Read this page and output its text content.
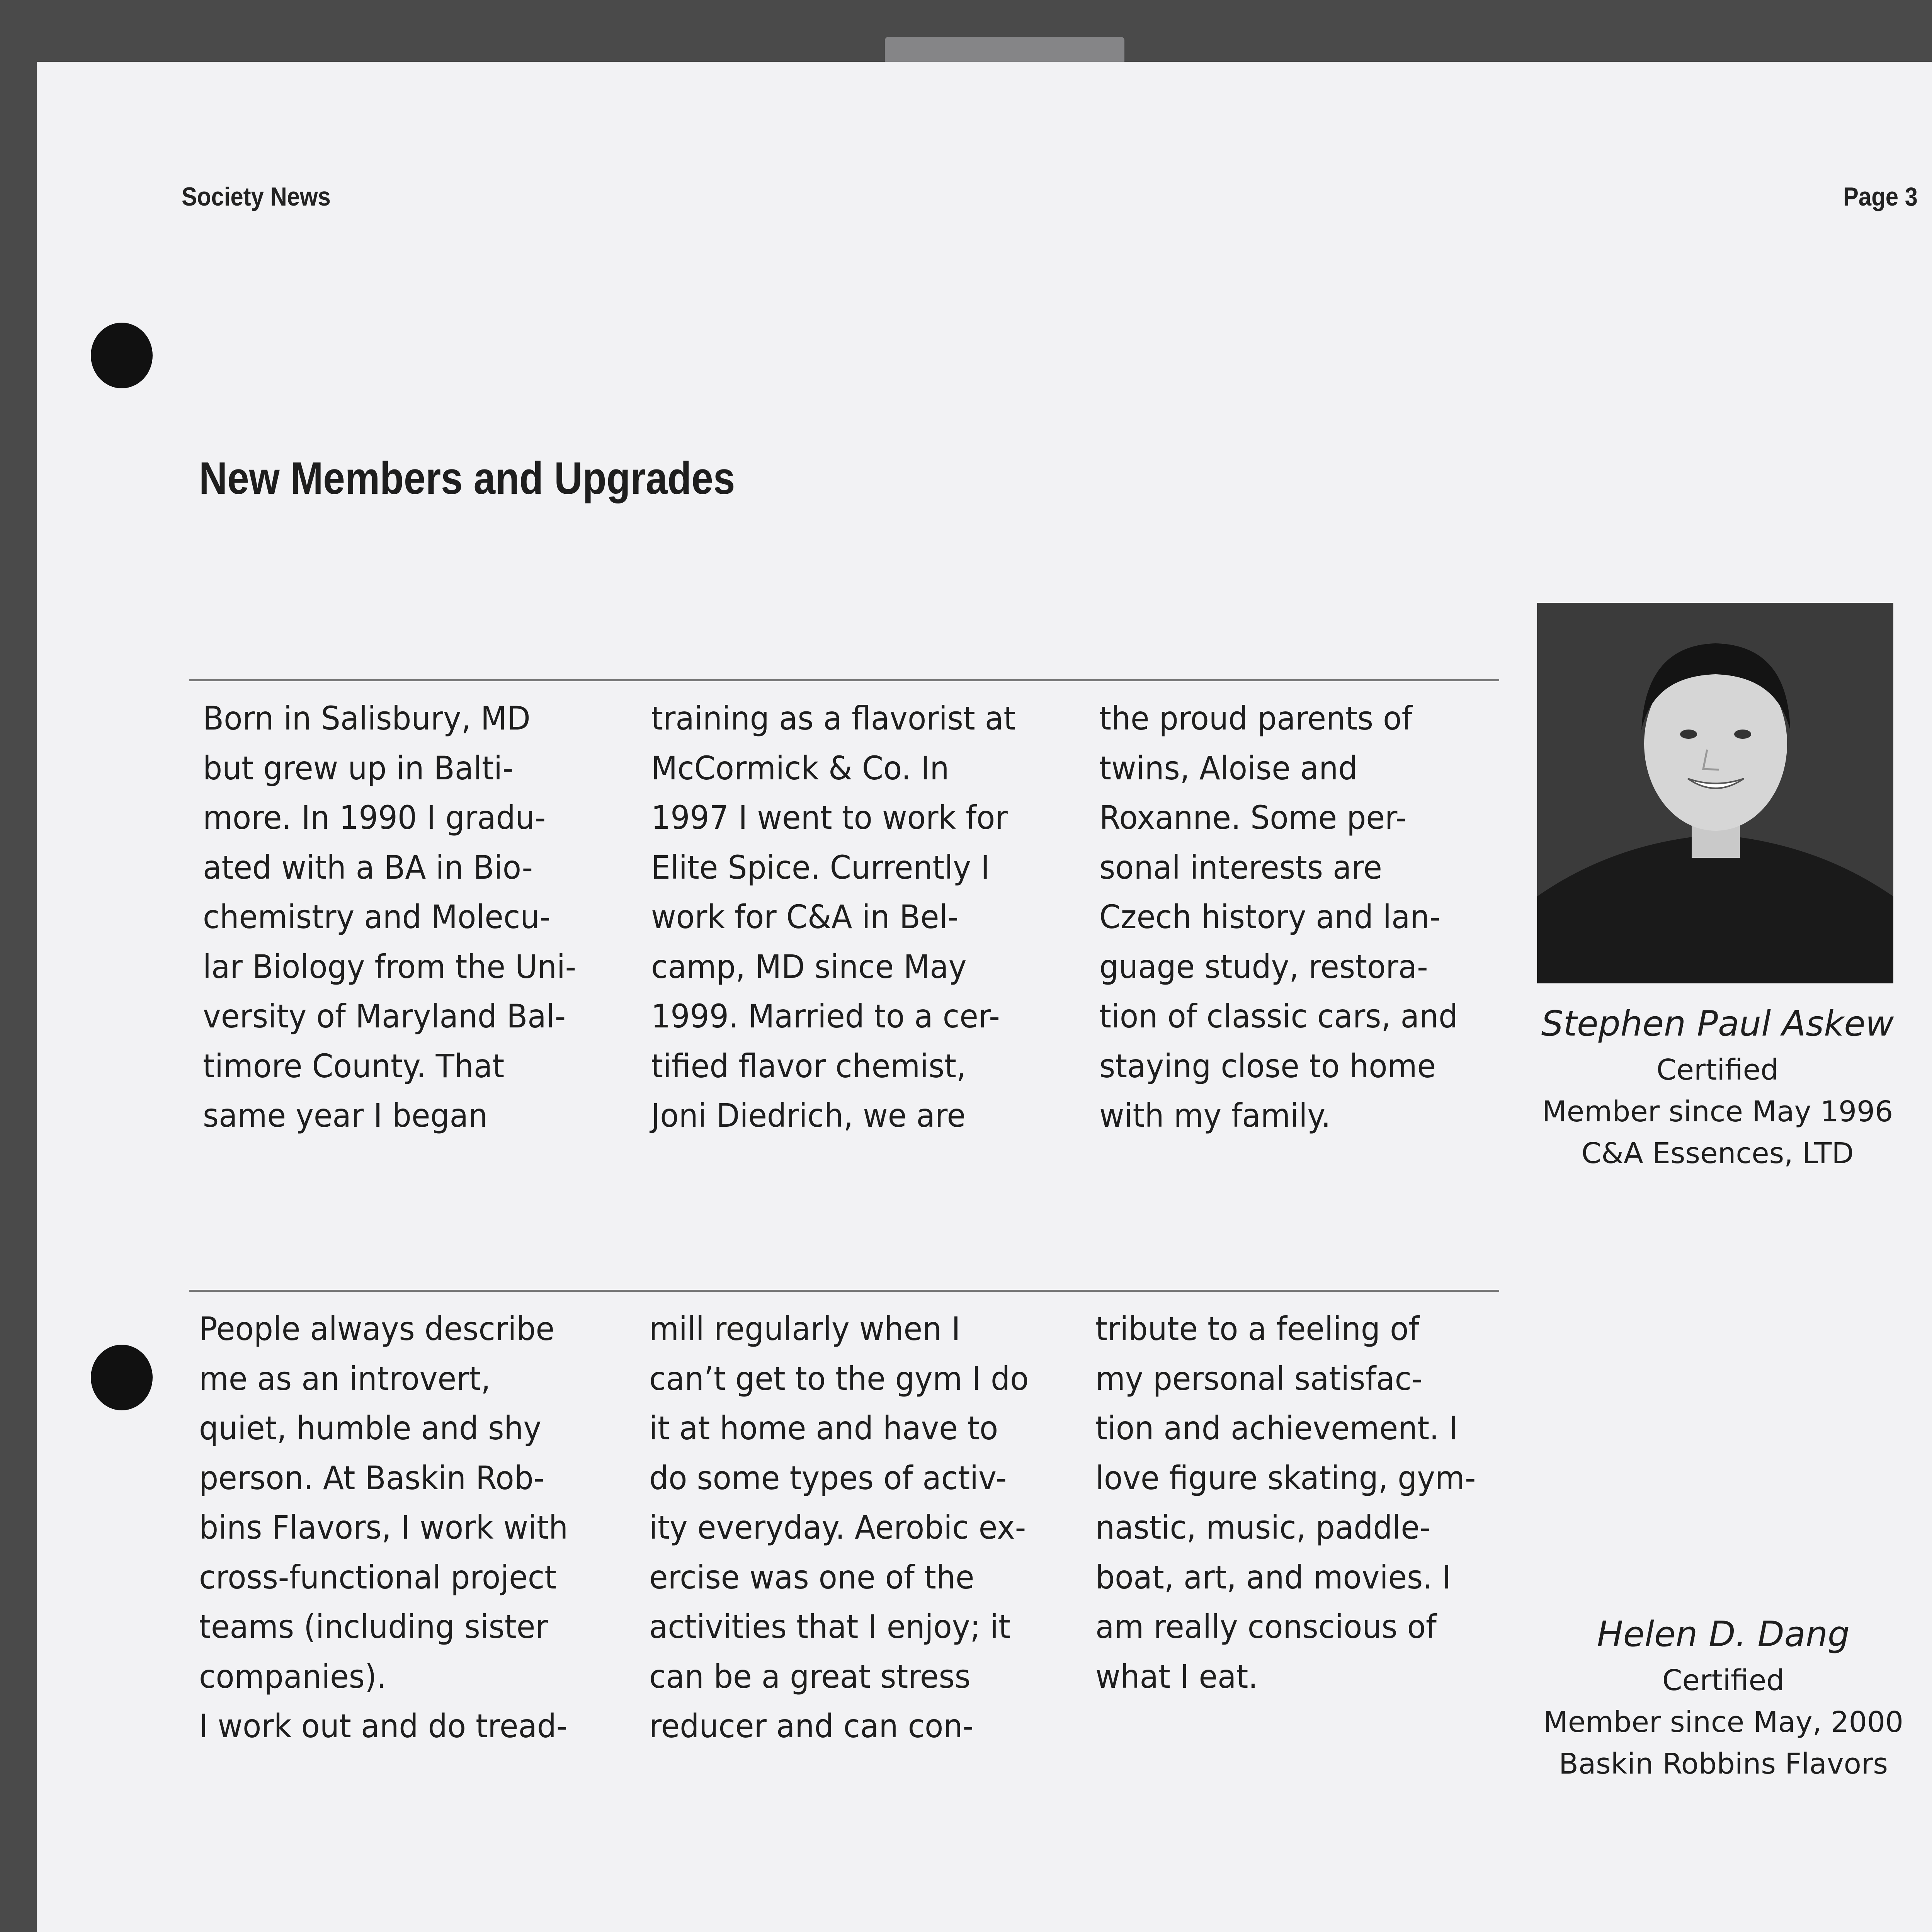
Society News	Page 3
New Members and Upgrades
Born in Salisbury, MD
but grew up in Balti-
more. In 1990 I gradu-
ated with a BA in Bio-
chemistry and Molecu-
lar Biology from the Uni-
versity of Maryland Bal-
timore County. That
same year I began
training as a flavorist at
McCormick & Co. In
1997 I went to work for
Elite Spice. Currently I
work for C&A in Bel-
camp, MD since May
1999. Married to a cer-
tified flavor chemist,
Joni Diedrich, we are
the proud parents of
twins, Aloise and
Roxanne. Some per-
sonal interests are
Czech history and lan-
guage study, restora-
tion of classic cars, and
staying close to home
with my family.
Stephen Paul Askew
Certified
Member since May 1996
C&A Essences, LTD
People always describe
me as an introvert,
quiet, humble and shy
person. At Baskin Rob-
bins Flavors, I work with
cross-functional project
teams (including sister
companies).
I work out and do tread-
mill regularly when I
can’t get to the gym I do
it at home and have to
do some types of activ-
ity everyday. Aerobic ex-
ercise was one of the
activities that I enjoy; it
can be a great stress
reducer and can con-
tribute to a feeling of
my personal satisfac-
tion and achievement. I
love figure skating, gym-
nastic, music, paddle-
boat, art, and movies. I
am really conscious of
what I eat.
Helen D. Dang
Certified
Member since May, 2000
Baskin Robbins Flavors
